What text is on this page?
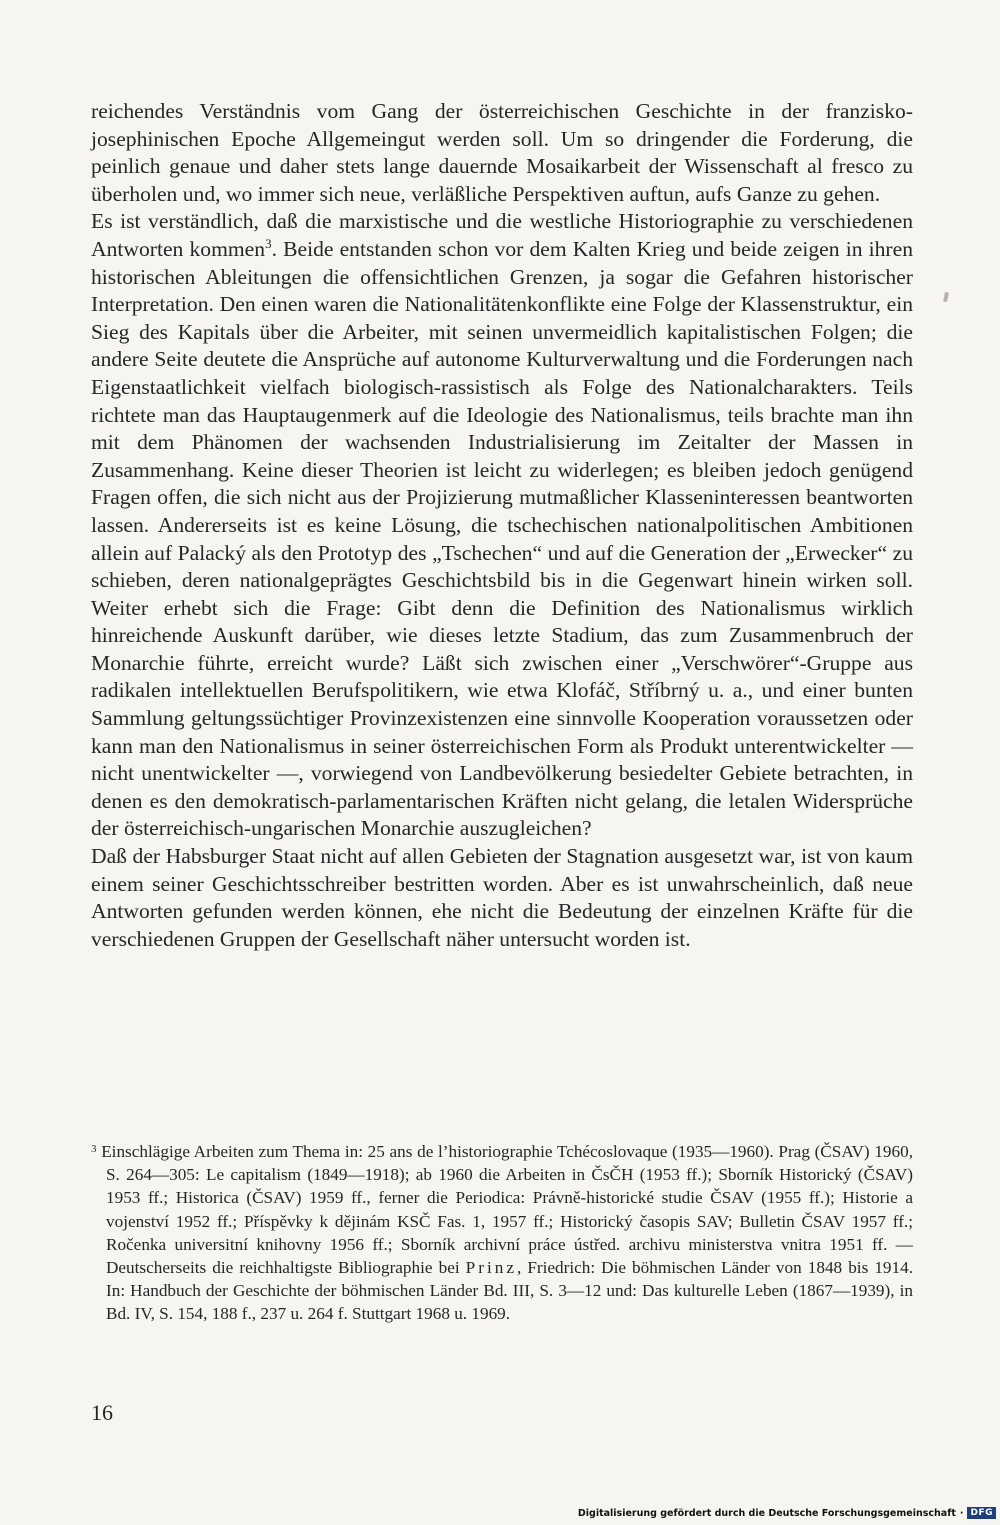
reichendes Verständnis vom Gang der österreichischen Geschichte in der franzisko-josephinischen Epoche Allgemeingut werden soll. Um so dringender die Forderung, die peinlich genaue und daher stets lange dauernde Mosaikarbeit der Wissenschaft al fresco zu überholen und, wo immer sich neue, verläßliche Perspektiven auftun, aufs Ganze zu gehen.

Es ist verständlich, daß die marxistische und die westliche Historiographie zu verschiedenen Antworten kommen$^3$. Beide entstanden schon vor dem Kalten Krieg und beide zeigen in ihren historischen Ableitungen die offensichtlichen Grenzen, ja sogar die Gefahren historischer Interpretation. Den einen waren die Nationalitätenkonflikte eine Folge der Klassenstruktur, ein Sieg des Kapitals über die Arbeiter, mit seinen unvermeidlich kapitalistischen Folgen; die andere Seite deutete die Ansprüche auf autonome Kulturverwaltung und die Forderungen nach Eigenstaatlichkeit vielfach biologisch-rassistisch als Folge des Nationalcharakters. Teils richtete man das Hauptaugenmerk auf die Ideologie des Nationalismus, teils brachte man ihn mit dem Phänomen der wachsenden Industrialisierung im Zeitalter der Massen in Zusammenhang. Keine dieser Theorien ist leicht zu widerlegen; es bleiben jedoch genügend Fragen offen, die sich nicht aus der Projizierung mutmaßlicher Klasseninteressen beantworten lassen. Andererseits ist es keine Lösung, die tschechischen nationalpolitischen Ambitionen allein auf Palacký als den Prototyp des „Tschechen“ und auf die Generation der „Erwecker“ zu schieben, deren nationalgeprägtes Geschichtsbild bis in die Gegenwart hinein wirken soll. Weiter erhebt sich die Frage: Gibt denn die Definition des Nationalismus wirklich hinreichende Auskunft darüber, wie dieses letzte Stadium, das zum Zusammenbruch der Monarchie führte, erreicht wurde? Läßt sich zwischen einer „Verschwörer“-Gruppe aus radikalen intellektuellen Berufspolitikern, wie etwa Klofáč, Stříbrný u. a., und einer bunten Sammlung geltungssüchtiger Provinzexistenzen eine sinnvolle Kooperation voraussetzen oder kann man den Nationalismus in seiner österreichischen Form als Produkt unterentwickelter — nicht unentwickelter —, vorwiegend von Landbevölkerung besiedelter Gebiete betrachten, in denen es den demokratisch-parlamentarischen Kräften nicht gelang, die letalen Widersprüche der österreichisch-ungarischen Monarchie auszugleichen?

Daß der Habsburger Staat nicht auf allen Gebieten der Stagnation ausgesetzt war, ist von kaum einem seiner Geschichtsschreiber bestritten worden. Aber es ist unwahrscheinlich, daß neue Antworten gefunden werden können, ehe nicht die Bedeutung der einzelnen Kräfte für die verschiedenen Gruppen der Gesellschaft näher untersucht worden ist.

$^3$ Einschlägige Arbeiten zum Thema in: 25 ans de l’historiographie Tchécoslovaque (1935—1960). Prag (ČSAV) 1960, S. 264—305: Le capitalism (1849—1918); ab 1960 die Arbeiten in ČsČH (1953 ff.); Sborník Historický (ČSAV) 1953 ff.; Historica (ČSAV) 1959 ff., ferner die Periodica: Právně-historické studie ČSAV (1955 ff.); Historie a vojenství 1952 ff.; Příspěvky k dějinám KSČ Fas. 1, 1957 ff.; Historický časopis SAV; Bulletin ČSAV 1957 ff.; Ročenka universitní knihovny 1956 ff.; Sborník archivní práce ústřed. archivu ministerstva vnitra 1951 ff. — Deutscherseits die reichhaltigste Bibliographie bei Prinz, Friedrich: Die böhmischen Länder von 1848 bis 1914. In: Handbuch der Geschichte der böhmischen Länder Bd. III, S. 3—12 und: Das kulturelle Leben (1867—1939), in Bd. IV, S. 154, 188 f., 237 u. 264 f. Stuttgart 1968 u. 1969.

16
Digitalisierung gefördert durch die Deutsche Forschungsgemeinschaft · DFG
